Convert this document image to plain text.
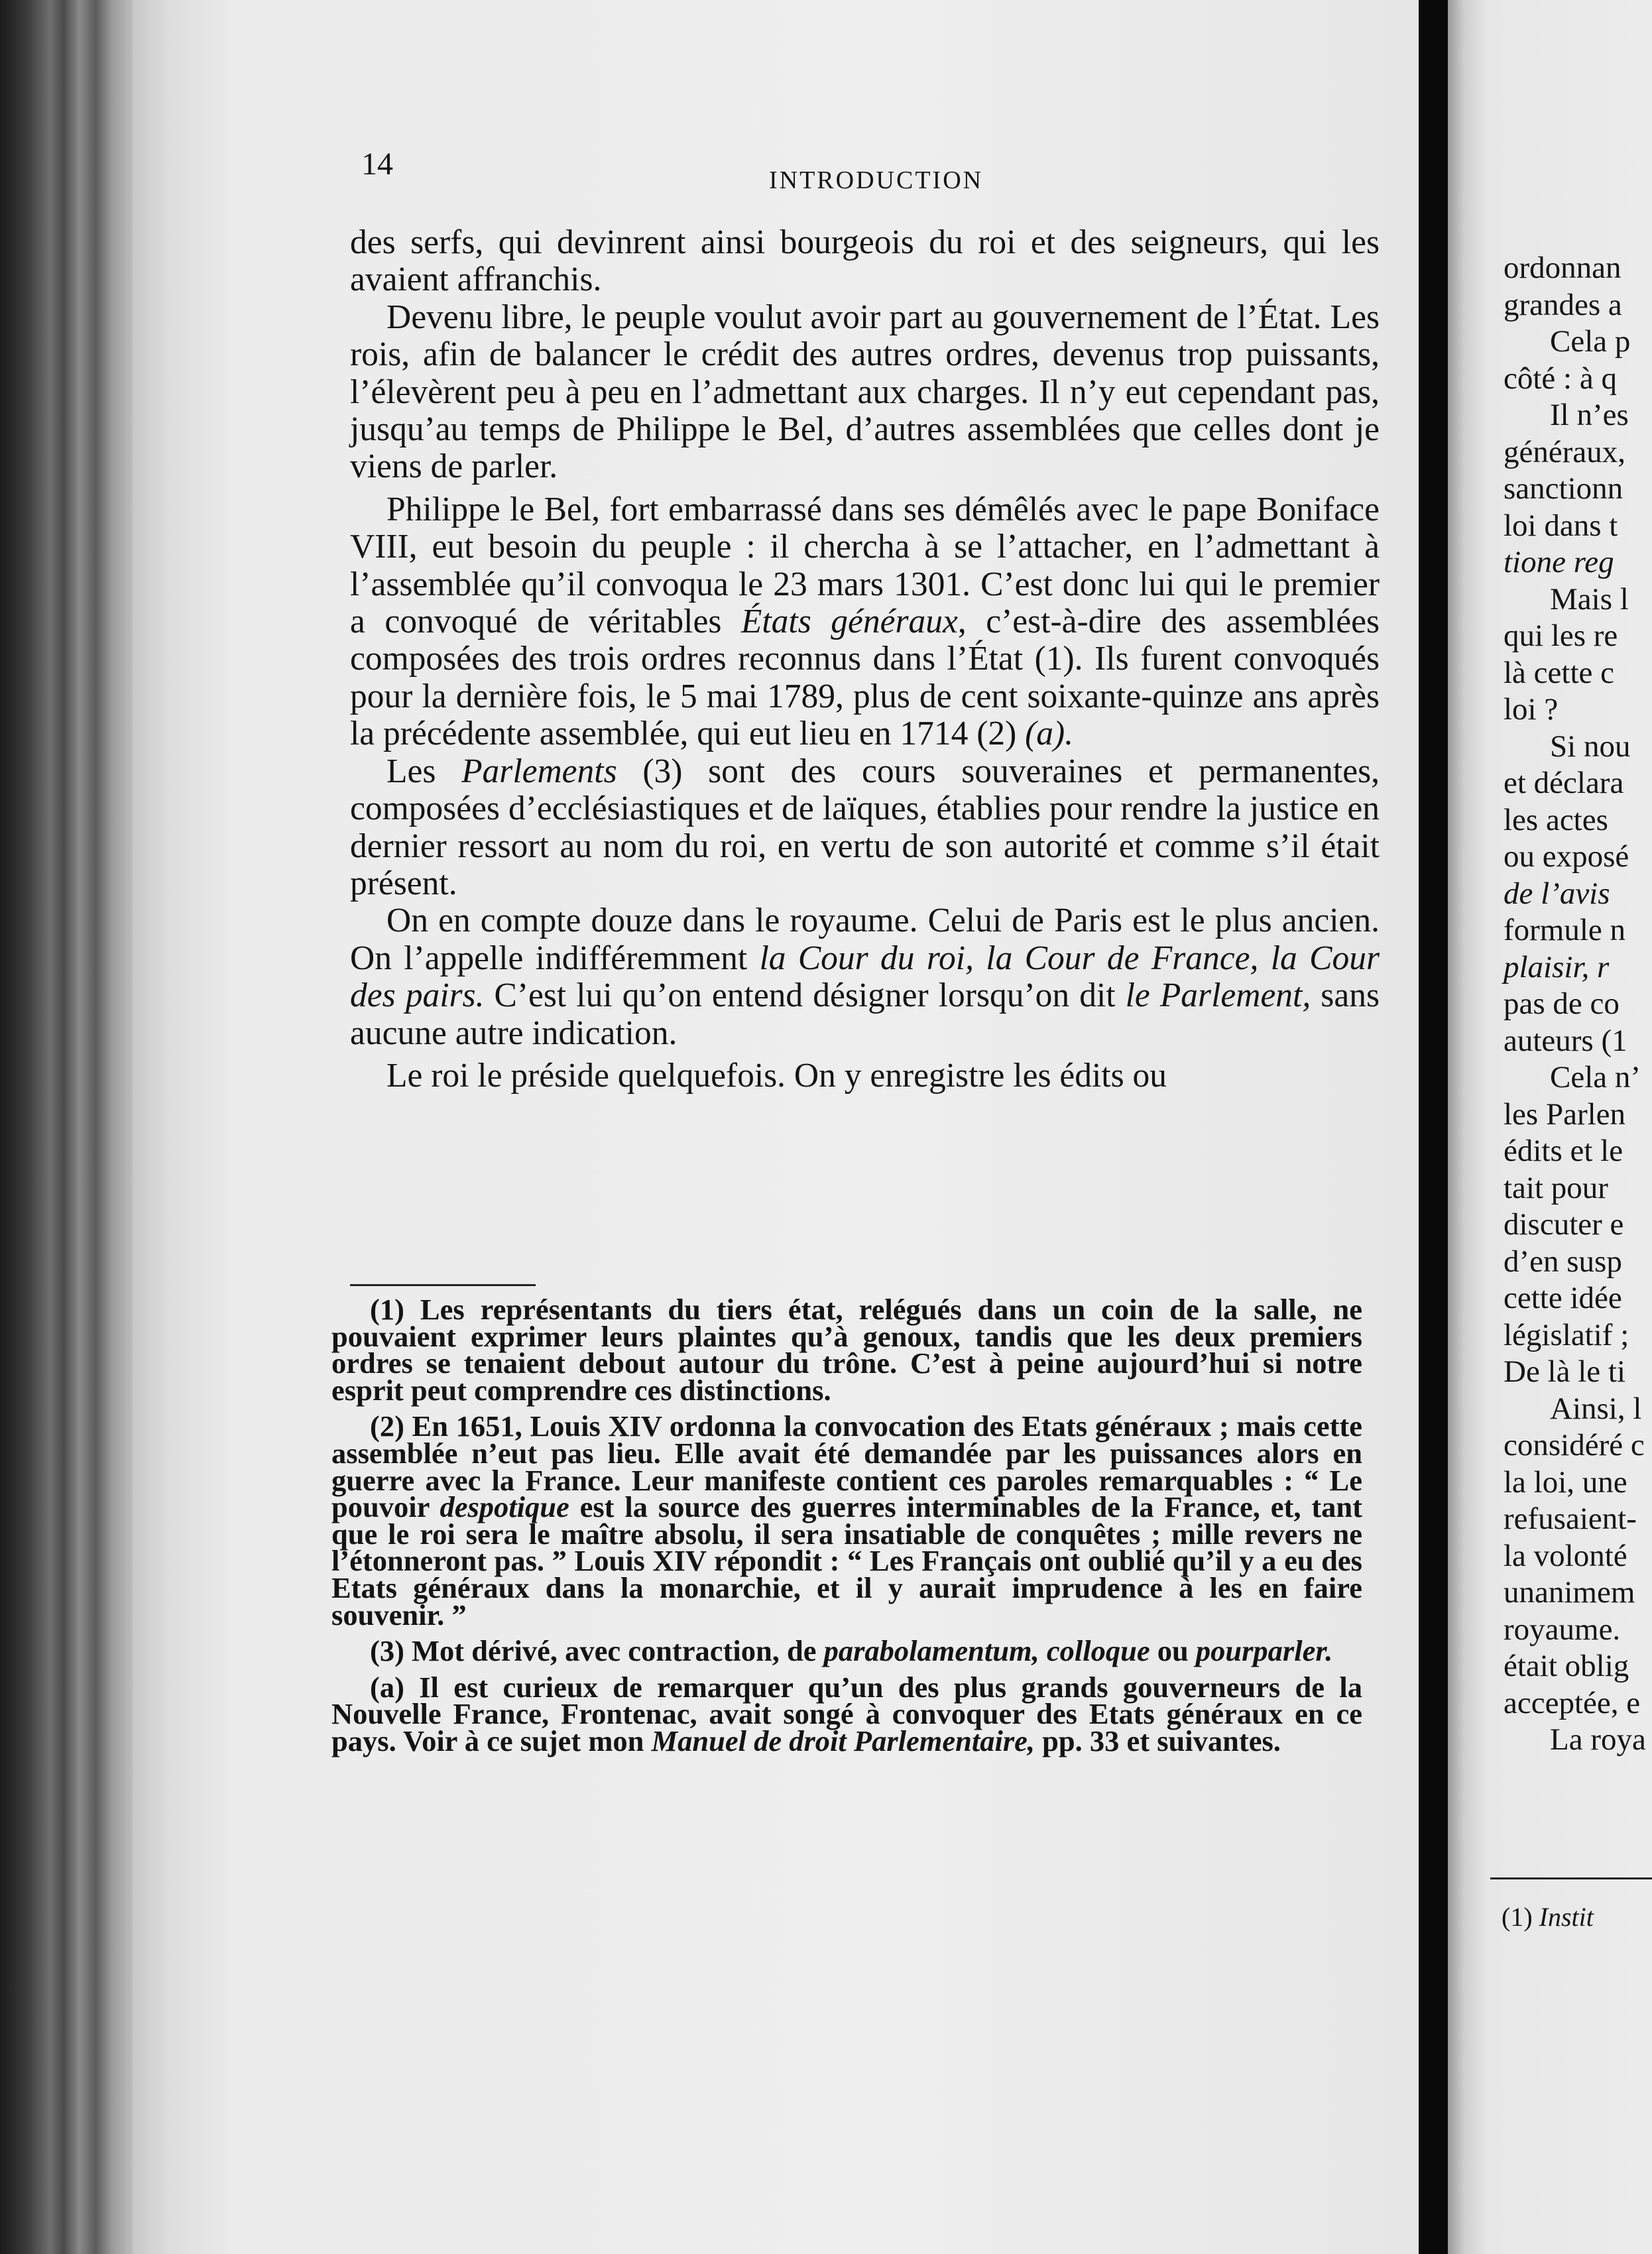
14	INTRODUCTION

des serfs, qui devinrent ainsi bourgeois du roi et des seigneurs, qui les avaient affranchis.

Devenu libre, le peuple voulut avoir part au gouvernement de l’État. Les rois, afin de balancer le crédit des autres ordres, devenus trop puissants, l’élevèrent peu à peu en l’admettant aux charges. Il n’y eut cependant pas, jusqu’au temps de Philippe le Bel, d’autres assemblées que celles dont je viens de parler.

Philippe le Bel, fort embarrassé dans ses démêlés avec le pape Boniface VIII, eut besoin du peuple : il chercha à se l’attacher, en l’admettant à l’assemblée qu’il convoqua le 23 mars 1301. C’est donc lui qui le premier a convoqué de véritables États généraux, c’est-à-dire des assemblées composées des trois ordres reconnus dans l’État (1). Ils furent convoqués pour la dernière fois, le 5 mai 1789, plus de cent soixante-quinze ans après la précédente assemblée, qui eut lieu en 1714 (2) (a).

Les Parlements (3) sont des cours souveraines et permanentes, composées d’ecclésiastiques et de laïques, établies pour rendre la justice en dernier ressort au nom du roi, en vertu de son autorité et comme s’il était présent.

On en compte douze dans le royaume. Celui de Paris est le plus ancien. On l’appelle indifféremment la Cour du roi, la Cour de France, la Cour des pairs. C’est lui qu’on entend désigner lorsqu’on dit le Parlement, sans aucune autre indication.

Le roi le préside quelquefois. On y enregistre les édits ou

(1) Les représentants du tiers état, relégués dans un coin de la salle, ne pouvaient exprimer leurs plaintes qu’à genoux, tandis que les deux premiers ordres se tenaient debout autour du trône. C’est à peine aujourd’hui si notre esprit peut comprendre ces distinctions.

(2) En 1651, Louis XIV ordonna la convocation des Etats généraux ; mais cette assemblée n’eut pas lieu. Elle avait été demandée par les puissances alors en guerre avec la France. Leur manifeste contient ces paroles remarquables : “ Le pouvoir despotique est la source des guerres interminables de la France, et, tant que le roi sera le maître absolu, il sera insatiable de conquêtes ; mille revers ne l’étonneront pas. ” Louis XIV répondit : “ Les Français ont oublié qu’il y a eu des Etats généraux dans la monarchie, et il y aurait imprudence à les en faire souvenir. ”

(3) Mot dérivé, avec contraction, de parabolamentum, colloque ou pourparler.

(a) Il est curieux de remarquer qu’un des plus grands gouverneurs de la Nouvelle France, Frontenac, avait songé à convoquer des Etats généraux en ce pays. Voir à ce sujet mon Manuel de droit Parlementaire, pp. 33 et suivantes.

ordonnan
grandes a
Cela p
côté : à q
Il n’es
généraux,
sanctionn
loi dans t
tione reg
Mais l
qui les re
là cette c
loi ?
Si nou
et déclara
les actes
ou exposé
de l’avis
formule n
plaisir, r
pas de co
auteurs (1
Cela n’
les Parlen
édits et le
tait pour
discuter e
d’en susp
cette idée
législatif ;
De là le ti
Ainsi, l
considéré c
la loi, une
refusaient-
la volonté
unanimem
royaume.
était oblig
acceptée, e
La roya
(1) Instit
